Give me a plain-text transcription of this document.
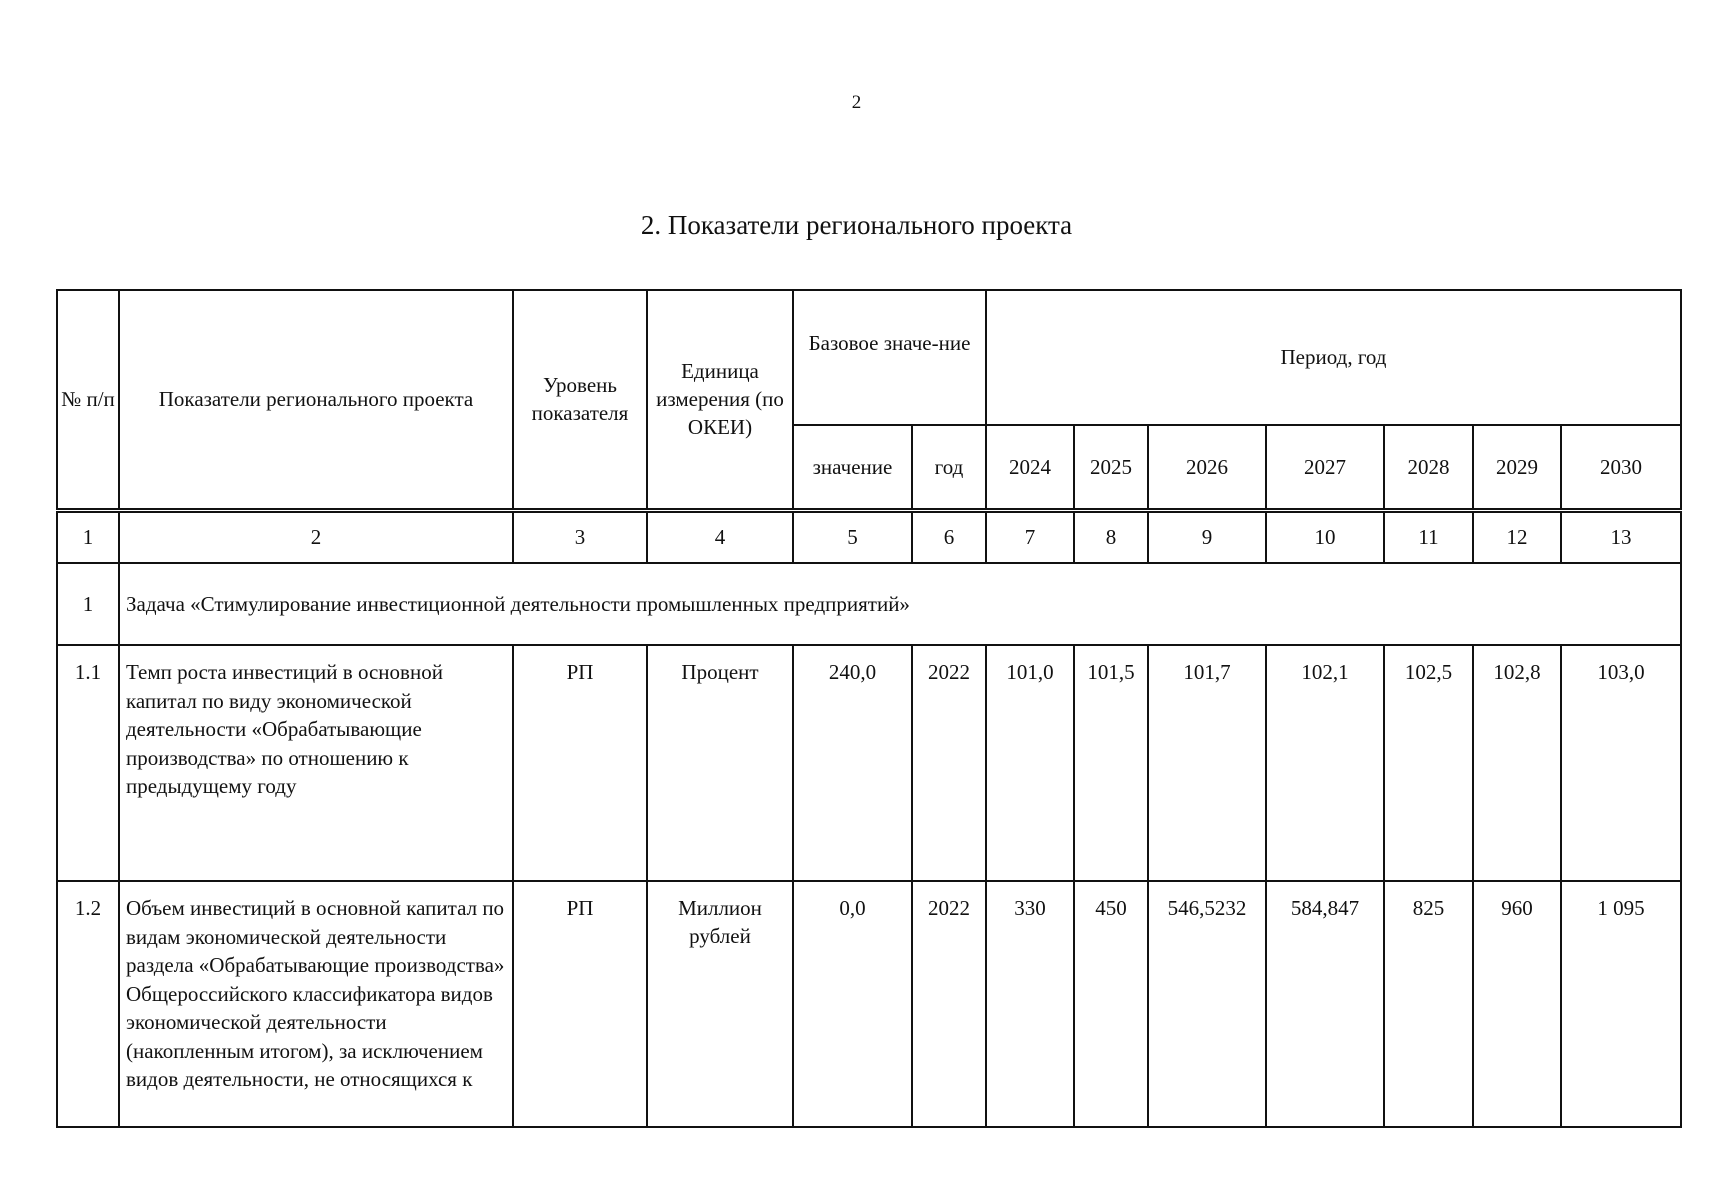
2
2. Показатели регионального проекта
№ п/п	Показатели регионального проекта	Уровень показателя	Единица измерения (по ОКЕИ)	Базовое значе-ние		Период, год						
				значение	год	2024	2025	2026	2027	2028	2029	2030
1	2	3	4	5	6	7	8	9	10	11	12	13
1	Задача «Стимулирование инвестиционной деятельности промышленных предприятий»											
1.1	Темп роста инвестиций в основной капитал по виду экономической деятельности «Обрабатывающие производства» по отношению к предыдущему году	РП	Процент	240,0	2022	101,0	101,5	101,7	102,1	102,5	102,8	103,0
1.2	Объем инвестиций в основной капитал по видам экономической деятельности раздела «Обрабатывающие производства» Общероссийского классификатора видов экономической деятельности (накопленным итогом), за исключением видов деятельности, не относящихся к	РП	Миллион рублей	0,0	2022	330	450	546,5232	584,847	825	960	1 095
